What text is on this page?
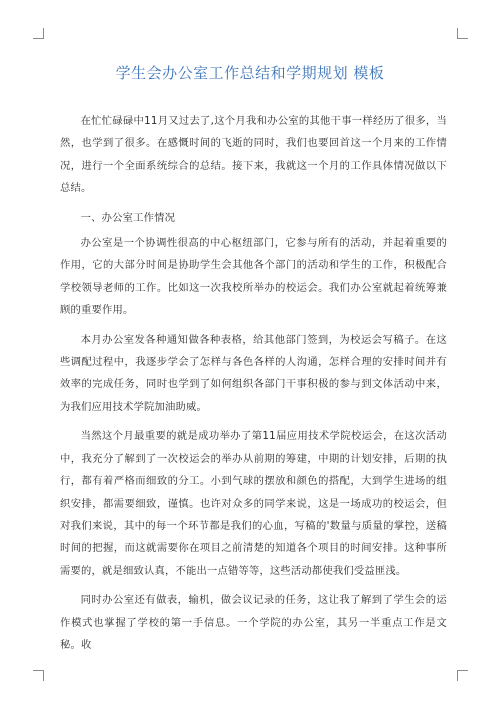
学生会办公室工作总结和学期规划 模板

在忙忙碌碌中11月又过去了,这个月我和办公室的其他干事一样经历了很多，当然，也学到了很多。在感慨时间的飞逝的同时，我们也要回首这一个月来的工作情况，进行一个全面系统综合的总结。接下来，我就这一个月的工作具体情况做以下总结。

一、办公室工作情况

办公室是一个协调性很高的中心枢纽部门，它参与所有的活动，并起着重要的作用，它的大部分时间是协助学生会其他各个部门的活动和学生的工作，积极配合学校领导老师的工作。比如这一次我校所举办的校运会。我们办公室就起着统筹兼顾的重要作用。

本月办公室发各种通知做各种表格，给其他部门签到，为校运会写稿子。在这些调配过程中，我逐步学会了怎样与各色各样的人沟通，怎样合理的安排时间并有效率的完成任务，同时也学到了如何组织各部门干事积极的参与到文体活动中来，为我们应用技术学院加油助威。

当然这个月最重要的就是成功举办了第11届应用技术学院校运会，在这次活动中，我充分了解到了一次校运会的举办从前期的筹建，中期的计划安排，后期的执行，都有着严格而细致的分工。小到气球的摆放和颜色的搭配，大到学生进场的组织安排，都需要细致，谨慎。也许对众多的同学来说，这是一场成功的校运会，但对我们来说，其中的每一个环节都是我们的心血，写稿的'数量与质量的掌控，送稿时间的把握，而这就需要你在项目之前清楚的知道各个项目的时间安排。这种事所需要的，就是细致认真，不能出一点错等等，这些活动都使我们受益匪浅。

同时办公室还有做表，输机，做会议记录的任务，这让我了解到了学生会的运作模式也掌握了学校的第一手信息。一个学院的办公室，其另一半重点工作是文秘。收
